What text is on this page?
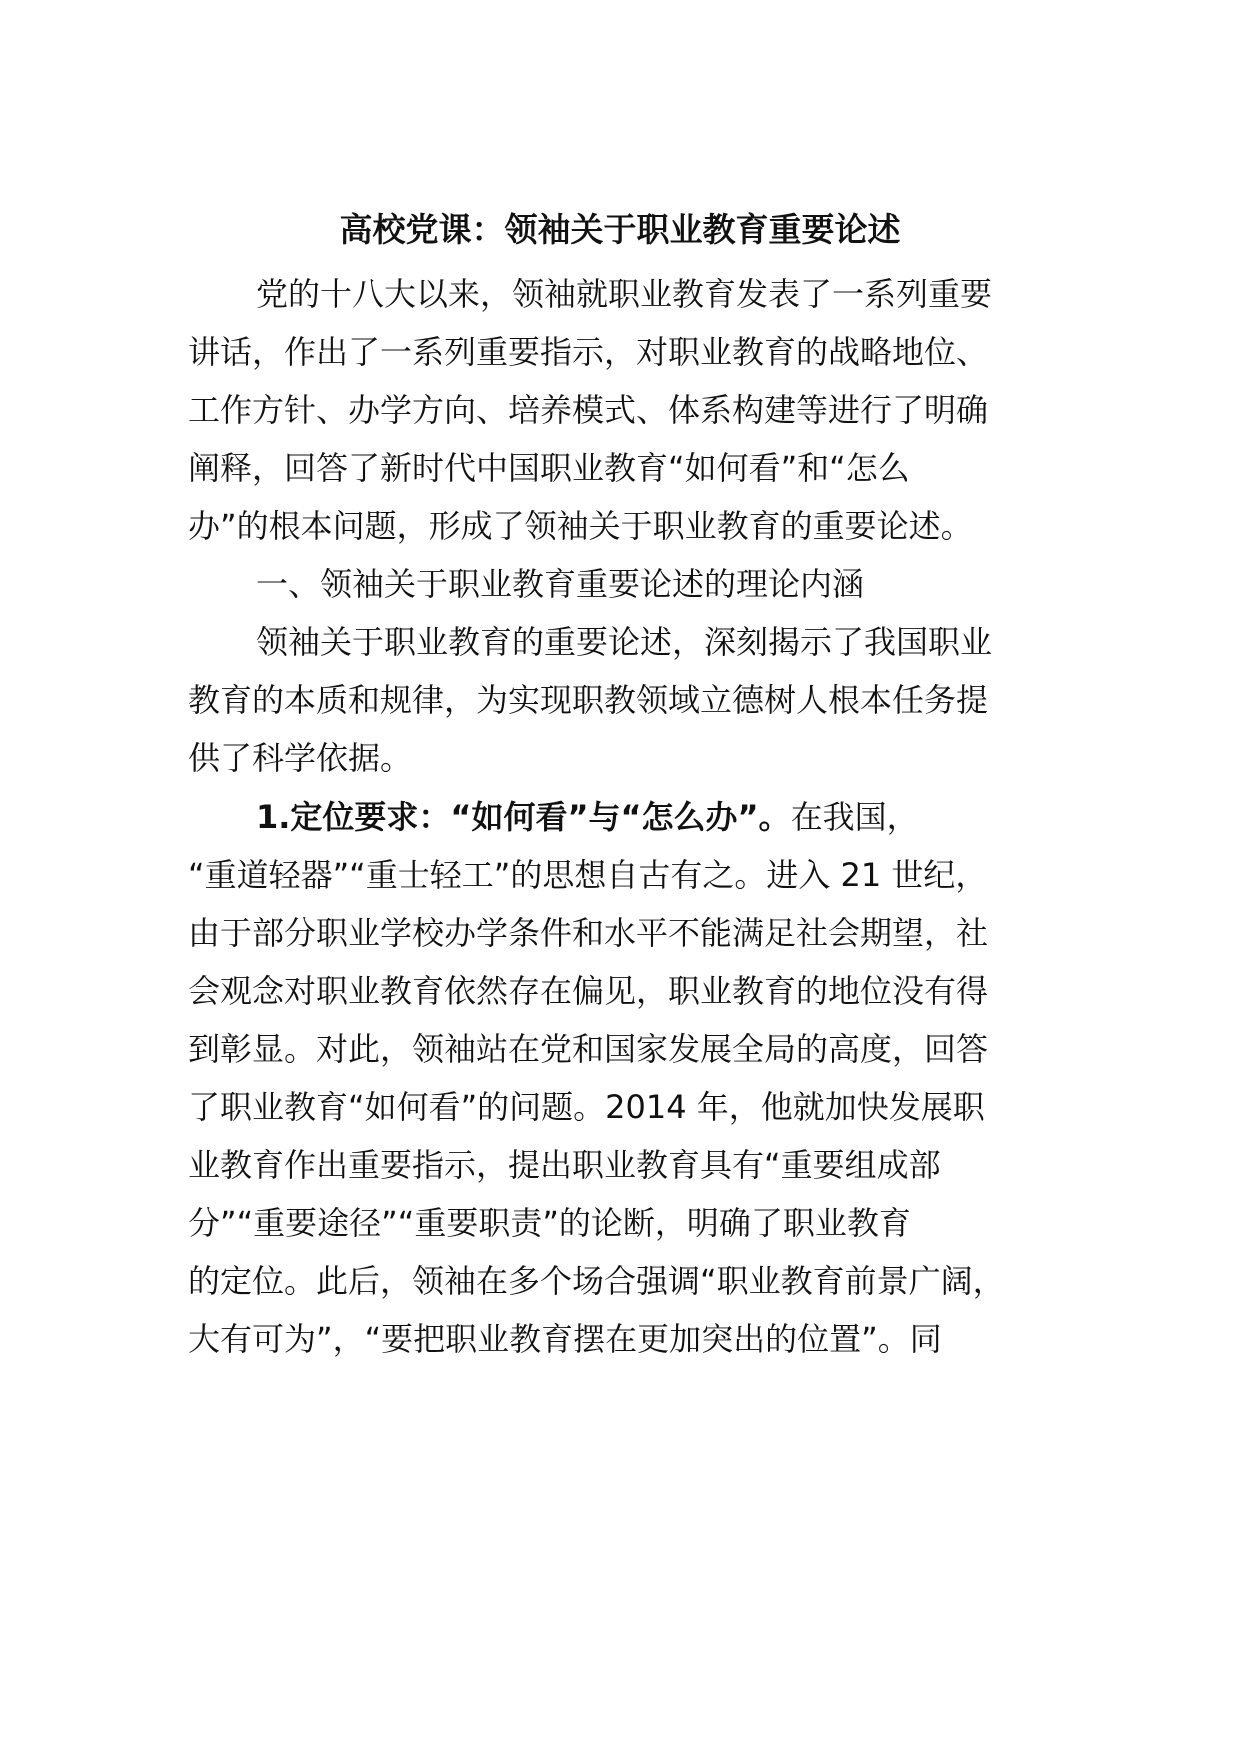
高校党课：领袖关于职业教育重要论述

党的十八大以来，领袖就职业教育发表了一系列重要

讲话，作出了一系列重要指示，对职业教育的战略地位、

工作方针、办学方向、培养模式、体系构建等进行了明确

阐释，回答了新时代中国职业教育“如何看”和“怎么

办”的根本问题，形成了领袖关于职业教育的重要论述。

一、领袖关于职业教育重要论述的理论内涵

领袖关于职业教育的重要论述，深刻揭示了我国职业

教育的本质和规律，为实现职教领域立德树人根本任务提

供了科学依据。

1.定位要求：“如何看”与“怎么办”。在我国，

“重道轻器”“重士轻工”的思想自古有之。进入 21 世纪，

由于部分职业学校办学条件和水平不能满足社会期望，社

会观念对职业教育依然存在偏见，职业教育的地位没有得

到彰显。对此，领袖站在党和国家发展全局的高度，回答

了职业教育“如何看”的问题。2014 年，他就加快发展职

业教育作出重要指示，提出职业教育具有“重要组成部

分”“重要途径”“重要职责”的论断，明确了职业教育

的定位。此后，领袖在多个场合强调“职业教育前景广阔，

大有可为”，“要把职业教育摆在更加突出的位置”。同
